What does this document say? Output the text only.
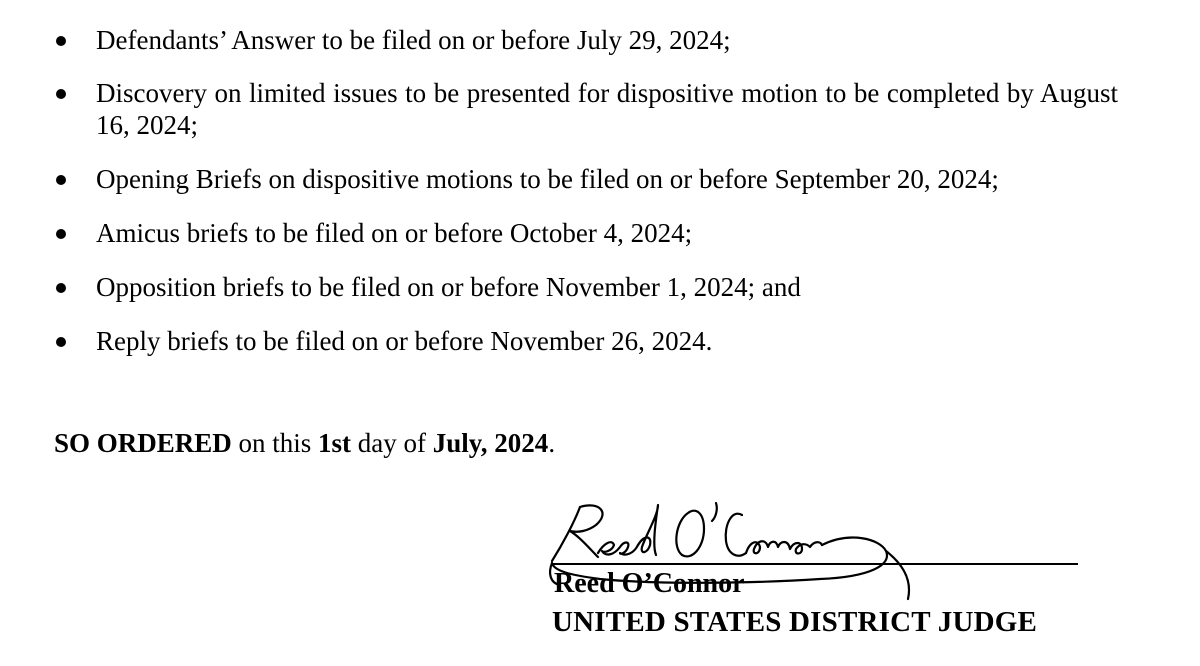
Defendants’ Answer to be filed on or before July 29, 2024;
Discovery on limited issues to be presented for dispositive motion to be completed by August 16, 2024;
Opening Briefs on dispositive motions to be filed on or before September 20, 2024;
Amicus briefs to be filed on or before October 4, 2024;
Opposition briefs to be filed on or before November 1, 2024; and
Reply briefs to be filed on or before November 26, 2024.
SO ORDERED on this 1st day of July, 2024.
Reed O’Connor
UNITED STATES DISTRICT JUDGE
